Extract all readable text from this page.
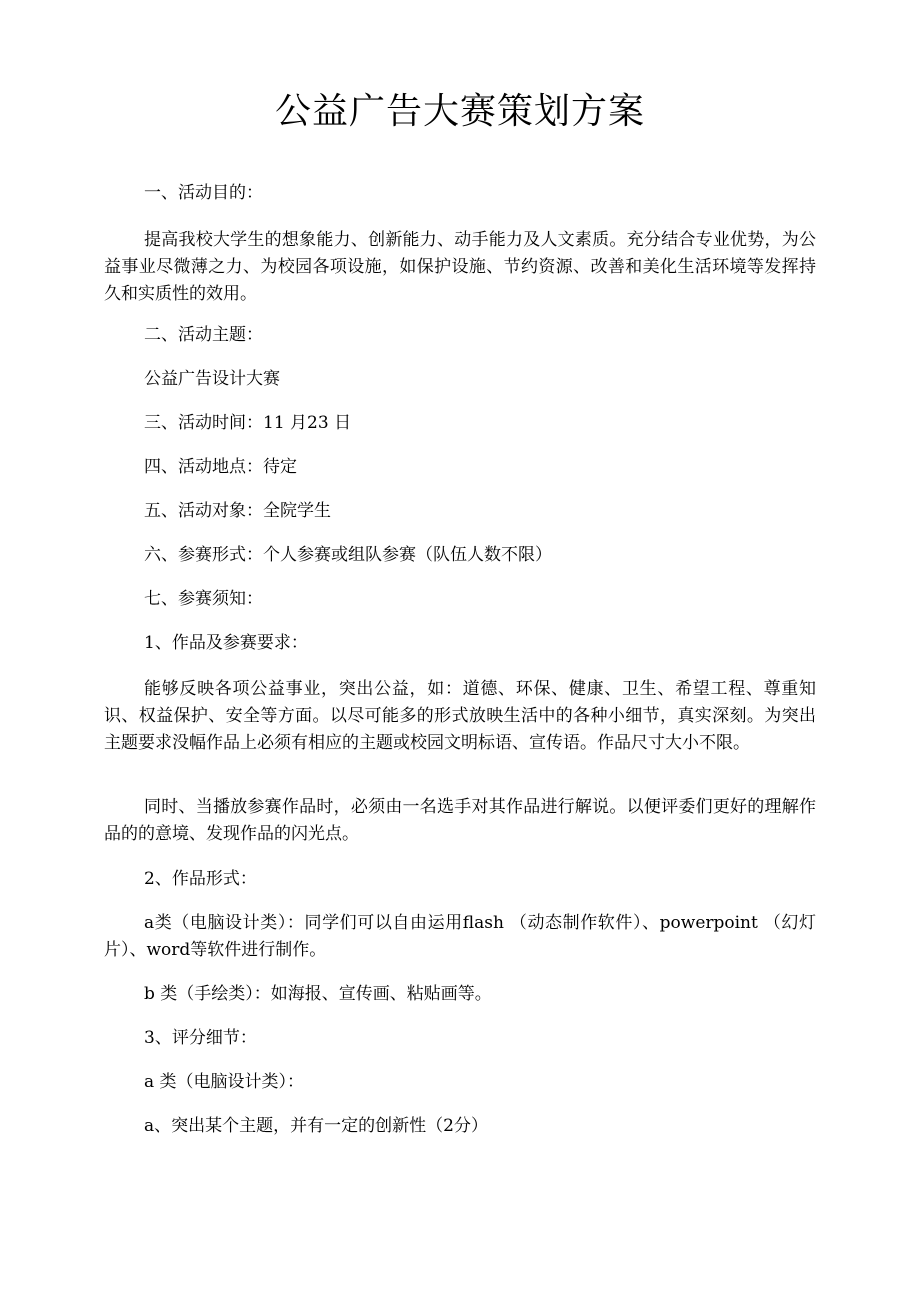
公益广告大赛策划方案

一、活动目的：

提高我校大学生的想象能力、创新能力、动手能力及人文素质。充分结合专业优势，为公益事业尽微薄之力、为校园各项设施，如保护设施、节约资源、改善和美化生活环境等发挥持久和实质性的效用。

二、活动主题：

公益广告设计大赛

三、活动时间：11 月23 日

四、活动地点：待定

五、活动对象：全院学生

六、参赛形式：个人参赛或组队参赛（队伍人数不限）

七、参赛须知：

1、作品及参赛要求：

能够反映各项公益事业，突出公益，如：道德、环保、健康、卫生、希望工程、尊重知识、权益保护、安全等方面。以尽可能多的形式放映生活中的各种小细节，真实深刻。为突出主题要求没幅作品上必须有相应的主题或校园文明标语、宣传语。作品尺寸大小不限。

同时、当播放参赛作品时，必须由一名选手对其作品进行解说。以便评委们更好的理解作品的的意境、发现作品的闪光点。

2、作品形式：

a类（电脑设计类）：同学们可以自由运用flash （动态制作软件）、powerpoint （幻灯片）、word等软件进行制作。

b 类（手绘类）：如海报、宣传画、粘贴画等。

3、评分细节：

a 类（电脑设计类）：

a、突出某个主题，并有一定的创新性（2分）
